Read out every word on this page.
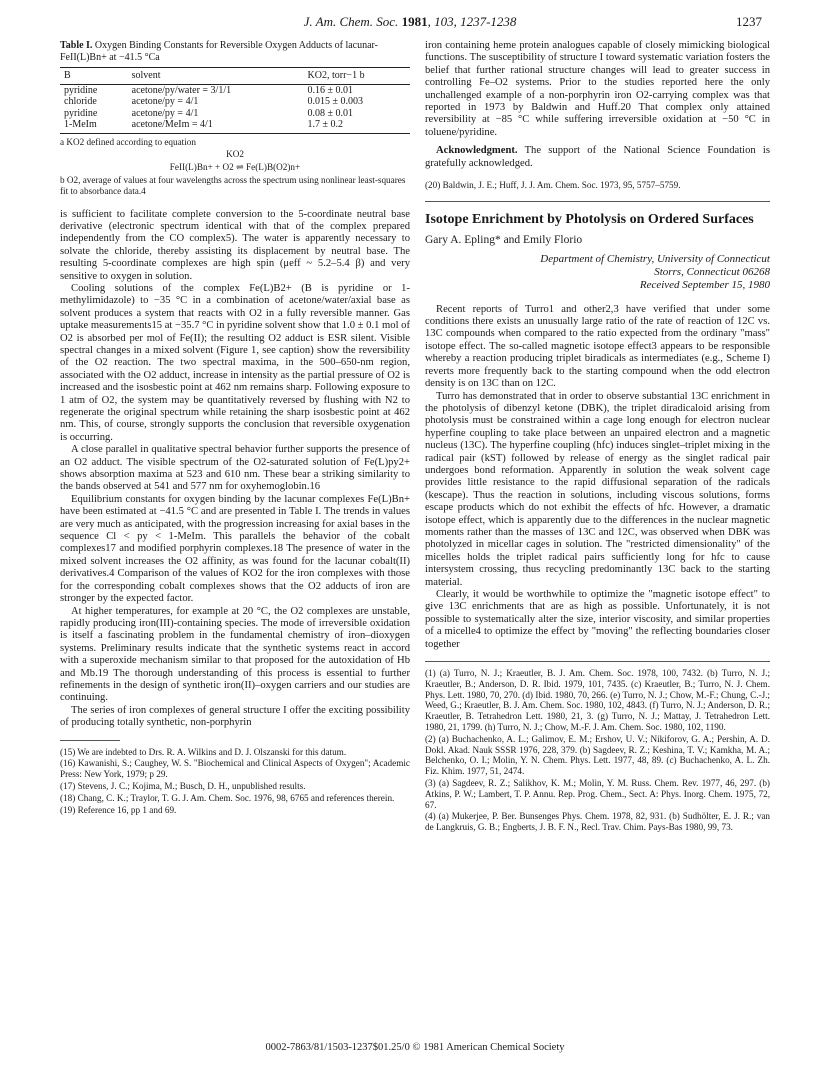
J. Am. Chem. Soc. 1981, 103, 1237-1238	1237
Table I. Oxygen Binding Constants for Reversible Oxygen Adducts of lacunar-FeII(L)Bn+ at −41.5 °Ca
B	solvent	KO2, torr−1 b
pyridine	acetone/py/water = 3/1/1	0.16 ± 0.01
chloride	acetone/py = 4/1	0.015 ± 0.003
pyridine	acetone/py = 4/1	0.08 ± 0.01
1-MeIm	acetone/MeIm = 4/1	1.7 ± 0.2
a KO2 defined according to equation
KO2
FeII(L)Bn+ + O2 ⇌ Fe(L)B(O2)n+
b O2, average of values at four wavelengths across the spectrum using nonlinear least-squares fit to absorbance data.4

is sufficient to facilitate complete conversion to the 5-coordinate neutral base derivative (electronic spectrum identical with that of the complex prepared independently from the CO complex5). The water is apparently necessary to solvate the chloride, thereby assisting its displacement by neutral base. The resulting 5-coordinate complexes are high spin (μeff ~ 5.2–5.4 β) and very sensitive to oxygen in solution.

Cooling solutions of the complex Fe(L)B2+ (B is pyridine or 1-methylimidazole) to −35 °C in a combination of acetone/water/axial base as solvent produces a system that reacts with O2 in a fully reversible manner. Gas uptake measurements15 at −35.7 °C in pyridine solvent show that 1.0 ± 0.1 mol of O2 is absorbed per mol of Fe(II); the resulting O2 adduct is ESR silent. Visible spectral changes in a mixed solvent (Figure 1, see caption) show the reversibility of the O2 reaction. The two spectral maxima, in the 500–650-nm region, associated with the O2 adduct, increase in intensity as the partial pressure of O2 is increased and the isosbestic point at 462 nm remains sharp. Following exposure to 1 atm of O2, the system may be quantitatively reversed by flushing with N2 to regenerate the original spectrum while retaining the sharp isosbestic point at 462 nm. This, of course, strongly supports the conclusion that reversible oxygenation is occurring.

A close parallel in qualitative spectral behavior further supports the presence of an O2 adduct. The visible spectrum of the O2-saturated solution of Fe(L)py2+ shows absorption maxima at 523 and 610 nm. These bear a striking similarity to the bands observed at 541 and 577 nm for oxyhemoglobin.16

Equilibrium constants for oxygen binding by the lacunar complexes Fe(L)Bn+ have been estimated at −41.5 °C and are presented in Table I. The trends in values are very much as anticipated, with the progression increasing for axial bases in the sequence Cl < py < 1-MeIm. This parallels the behavior of the cobalt complexes17 and modified porphyrin complexes.18 The presence of water in the mixed solvent increases the O2 affinity, as was found for the lacunar cobalt(II) derivatives.4 Comparison of the values of KO2 for the iron complexes with those for the corresponding cobalt complexes shows that the O2 adducts of iron are stronger by the expected factor.

At higher temperatures, for example at 20 °C, the O2 complexes are unstable, rapidly producing iron(III)-containing species. The mode of irreversible oxidation is itself a fascinating problem in the fundamental chemistry of iron–dioxygen systems. Preliminary results indicate that the synthetic systems react in accord with a superoxide mechanism similar to that proposed for the autoxidation of Hb and Mb.19 The thorough understanding of this process is essential to further refinements in the design of synthetic iron(II)–oxygen carriers and our studies are continuing.

The series of iron complexes of general structure I offer the exciting possibility of producing totally synthetic, non-porphyrin

(15) We are indebted to Drs. R. A. Wilkins and D. J. Olszanski for this datum.
(16) Kawanishi, S.; Caughey, W. S. "Biochemical and Clinical Aspects of Oxygen"; Academic Press: New York, 1979; p 29.
(17) Stevens, J. C.; Kojima, M.; Busch, D. H., unpublished results.
(18) Chang, C. K.; Traylor, T. G. J. Am. Chem. Soc. 1976, 98, 6765 and references therein.
(19) Reference 16, pp 1 and 69.

iron containing heme protein analogues capable of closely mimicking biological functions. The susceptibility of structure I toward systematic variation fosters the belief that further rational structure changes will lead to greater success in controlling Fe–O2 systems. Prior to the studies reported here the only unchallenged example of a non-porphyrin iron O2-carrying complex was that reported in 1973 by Baldwin and Huff.20 That complex only attained reversibility at −85 °C while suffering irreversible oxidation at −50 °C in toluene/pyridine.

Acknowledgment. The support of the National Science Foundation is gratefully acknowledged.

(20) Baldwin, J. E.; Huff, J. J. Am. Chem. Soc. 1973, 95, 5757–5759.
Isotope Enrichment by Photolysis on Ordered Surfaces
Gary A. Epling* and Emily Florio
Department of Chemistry, University of Connecticut
Storrs, Connecticut 06268
Received September 15, 1980

Recent reports of Turro1 and other2,3 have verified that under some conditions there exists an unusually large ratio of the rate of reaction of 12C vs. 13C compounds when compared to the ratio expected from the ordinary "mass" isotope effect. The so-called magnetic isotope effect3 appears to be responsible whereby a reaction producing triplet biradicals as intermediates (e.g., Scheme I) reverts more frequently back to the starting compound when the odd electron density is on 13C than on 12C.

Turro has demonstrated that in order to observe substantial 13C enrichment in the photolysis of dibenzyl ketone (DBK), the triplet diradicaloid arising from photolysis must be constrained within a cage long enough for electron nuclear hyperfine coupling to take place between an unpaired electron and a magnetic nucleus (13C). The hyperfine coupling (hfc) induces singlet–triplet mixing in the radical pair (kST) followed by release of energy as the singlet radical pair undergoes bond reformation. Apparently in solution the weak solvent cage provides little resistance to the rapid diffusional separation of the radicals (kescape). Thus the reaction in solutions, including viscous solutions, forms escape products which do not exhibit the effects of hfc. However, a dramatic isotope effect, which is apparently due to the differences in the nuclear magnetic moments rather than the masses of 13C and 12C, was observed when DBK was photolyzed in micellar cages in solution. The "restricted dimensionality" of the micelles holds the triplet radical pairs sufficiently long for hfc to cause intersystem crossing, thus recycling predominantly 13C back to the starting material.

Clearly, it would be worthwhile to optimize the "magnetic isotope effect" to give 13C enrichments that are as high as possible. Unfortunately, it is not possible to systematically alter the size, interior viscosity, and similar properties of a micelle4 to optimize the effect by "moving" the reflecting boundaries closer together

(1) (a) Turro, N. J.; Kraeutler, B. J. Am. Chem. Soc. 1978, 100, 7432. (b) Turro, N. J.; Kraeutler, B.; Anderson, D. R. Ibid. 1979, 101, 7435. (c) Kraeutler, B.; Turro, N. J. Chem. Phys. Lett. 1980, 70, 270. (d) Ibid. 1980, 70, 266. (e) Turro, N. J.; Chow, M.-F.; Chung, C.-J.; Weed, G.; Kraeutler, B. J. Am. Chem. Soc. 1980, 102, 4843. (f) Turro, N. J.; Anderson, D. R.; Kraeutler, B. Tetrahedron Lett. 1980, 21, 3. (g) Turro, N. J.; Mattay, J. Tetrahedron Lett. 1980, 21, 1799. (h) Turro, N. J.; Chow, M.-F. J. Am. Chem. Soc. 1980, 102, 1190.
(2) (a) Buchachenko, A. L.; Galimov, E. M.; Ershov, U. V.; Nikiforov, G. A.; Pershin, A. D. Dokl. Akad. Nauk SSSR 1976, 228, 379. (b) Sagdeev, R. Z.; Keshina, T. V.; Kamkha, M. A.; Belchenko, O. I.; Molin, Y. N. Chem. Phys. Lett. 1977, 48, 89. (c) Buchachenko, A. L. Zh. Fiz. Khim. 1977, 51, 2474.
(3) (a) Sagdeev, R. Z.; Salikhov, K. M.; Molin, Y. M. Russ. Chem. Rev. 1977, 46, 297. (b) Atkins, P. W.; Lambert, T. P. Annu. Rep. Prog. Chem., Sect. A: Phys. Inorg. Chem. 1975, 72, 67.
(4) (a) Mukerjee, P. Ber. Bunsenges Phys. Chem. 1978, 82, 931. (b) Sudhölter, E. J. R.; van de Langkruis, G. B.; Engberts, J. B. F. N., Recl. Trav. Chim. Pays-Bas 1980, 99, 73.
0002-7863/81/1503-1237$01.25/0 © 1981 American Chemical Society
